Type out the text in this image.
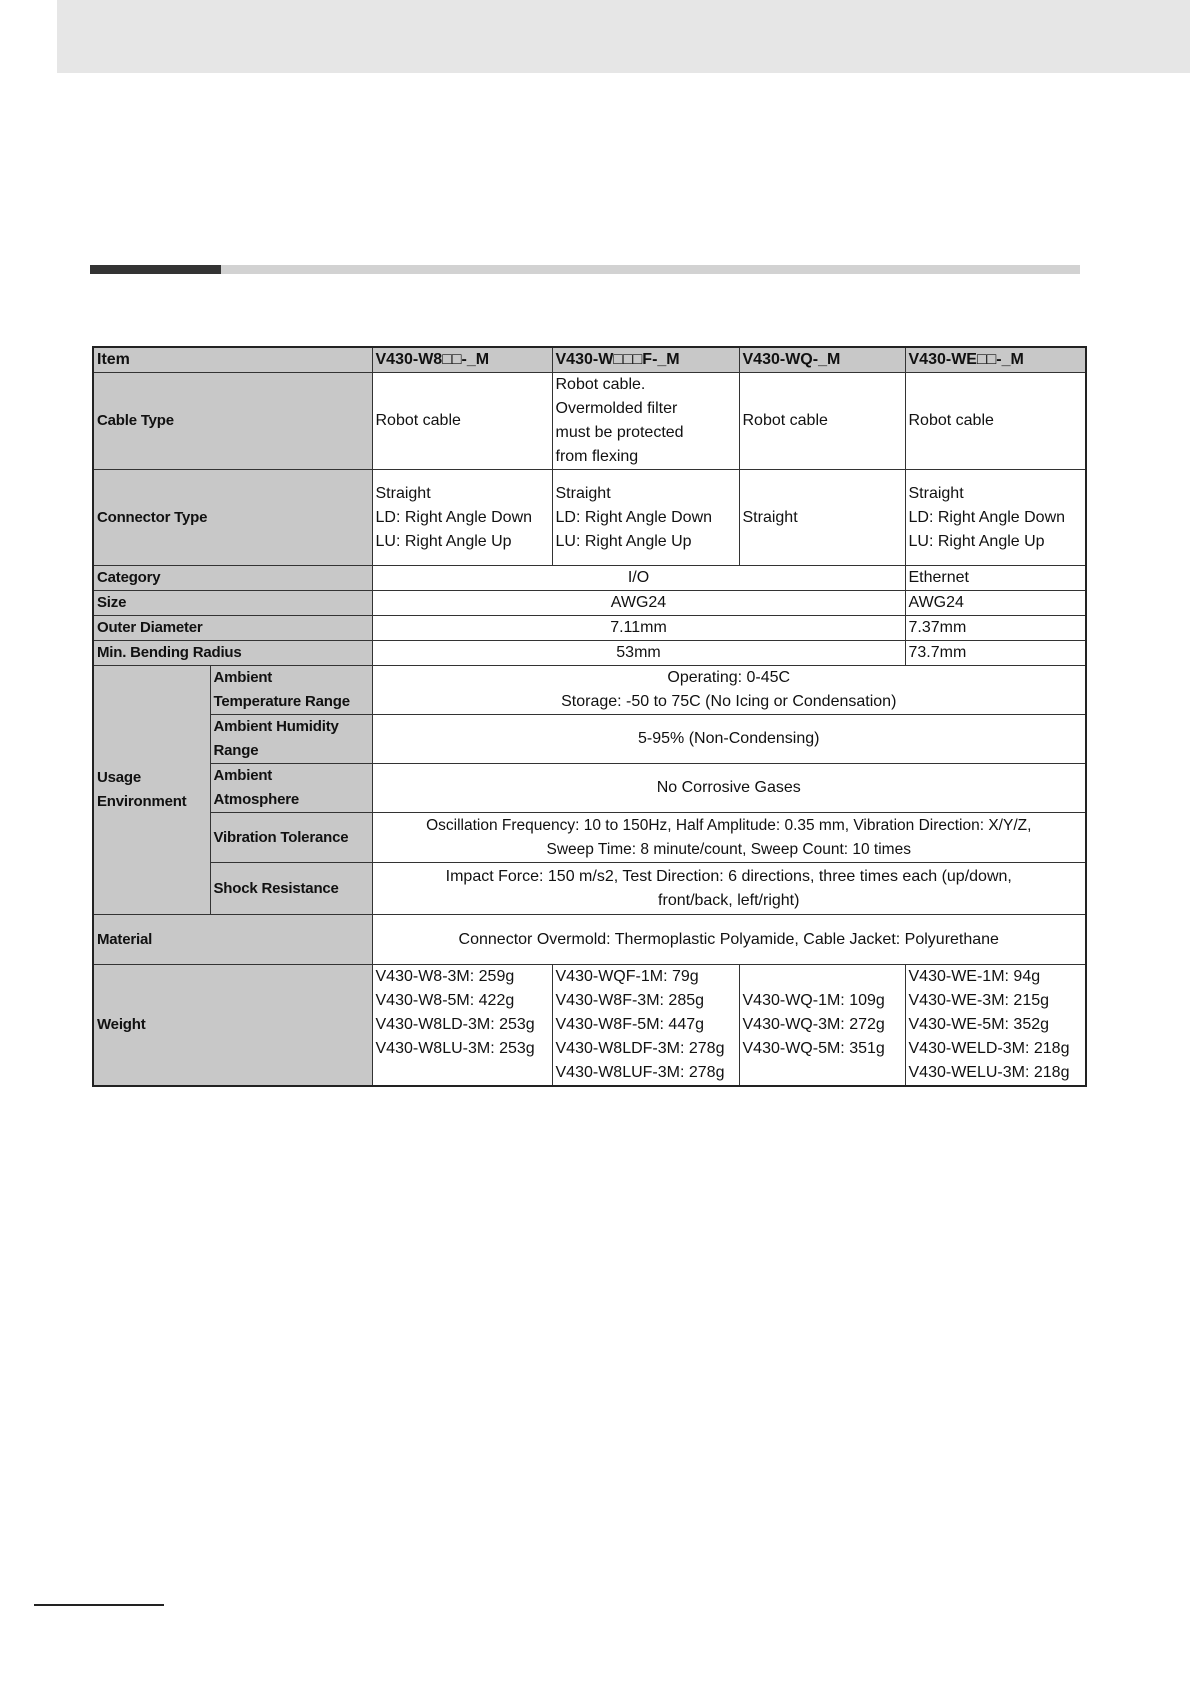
Item		V430-W8□□-_M	V430-W□□□F-_M	V430-WQ-_M	V430-WE□□-_M
Cable Type		Robot cable	Robot cable.
Overmolded filter
must be protected
from flexing	Robot cable	Robot cable
Connector Type		Straight
LD: Right Angle Down
LU: Right Angle Up	Straight
LD: Right Angle Down
LU: Right Angle Up	Straight	Straight
LD: Right Angle Down
LU: Right Angle Up

Category		I/O			Ethernet
Size		AWG24			AWG24
Outer Diameter		7.11mm			7.37mm
Min. Bending Radius		53mm			73.7mm

Usage
Environment	Ambient
Temperature Range	Operating: 0-45C
Storage: -50 to 75C (No Icing or Condensation)			

	Ambient Humidity
Range	5-95% (Non-Condensing)			

	Ambient
Atmosphere	No Corrosive Gases			
	Vibration Tolerance	Oscillation Frequency: 10 to 150Hz, Half Amplitude: 0.35 mm, Vibration Direction: X/Y/Z,
Sweep Time: 8 minute/count, Sweep Count: 10 times			

	Shock Resistance	Impact Force: 150 m/s2, Test Direction: 6 directions, three times each (up/down,
front/back, left/right)			

Material		Connector Overmold: Thermoplastic Polyamide, Cable Jacket: Polyurethane			
Weight		V430-W8-3M: 259g
V430-W8-5M: 422g
V430-W8LD-3M: 253g
V430-W8LU-3M: 253g	V430-WQF-1M: 79g
V430-W8F-3M: 285g
V430-W8F-5M: 447g
V430-W8LDF-3M: 278g
V430-W8LUF-3M: 278g	V430-WQ-1M: 109g
V430-WQ-3M: 272g
V430-WQ-5M: 351g	V430-WE-1M: 94g
V430-WE-3M: 215g
V430-WE-5M: 352g
V430-WELD-3M: 218g
V430-WELU-3M: 218g
